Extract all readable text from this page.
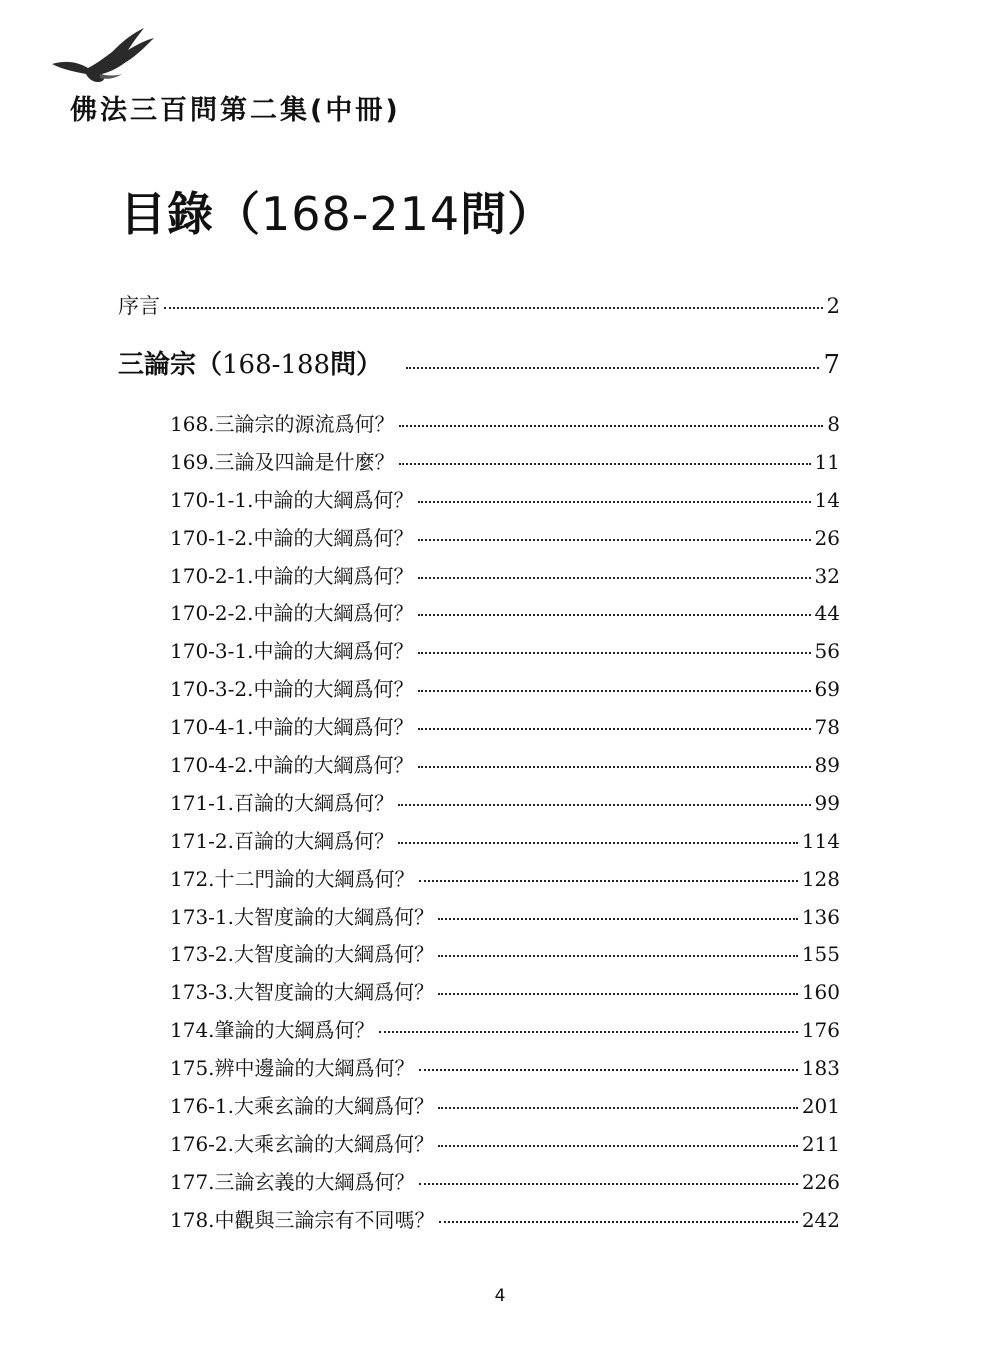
佛法三百問第二集(中冊)
目錄（168-214問）
序言	2
三論宗（168-188問）	7
168.三論宗的源流爲何？	8
169.三論及四論是什麼？	11
170-1-1.中論的大綱爲何？	14
170-1-2.中論的大綱爲何？	26
170-2-1.中論的大綱爲何？	32
170-2-2.中論的大綱爲何？	44
170-3-1.中論的大綱爲何？	56
170-3-2.中論的大綱爲何？	69
170-4-1.中論的大綱爲何？	78
170-4-2.中論的大綱爲何？	89
171-1.百論的大綱爲何？	99
171-2.百論的大綱爲何？	114
172.十二門論的大綱爲何？	128
173-1.大智度論的大綱爲何？	136
173-2.大智度論的大綱爲何？	155
173-3.大智度論的大綱爲何？	160
174.肇論的大綱爲何？	176
175.辨中邊論的大綱爲何？	183
176-1.大乘玄論的大綱爲何？	201
176-2.大乘玄論的大綱爲何？	211
177.三論玄義的大綱爲何？	226
178.中觀與三論宗有不同嗎？	242
4
